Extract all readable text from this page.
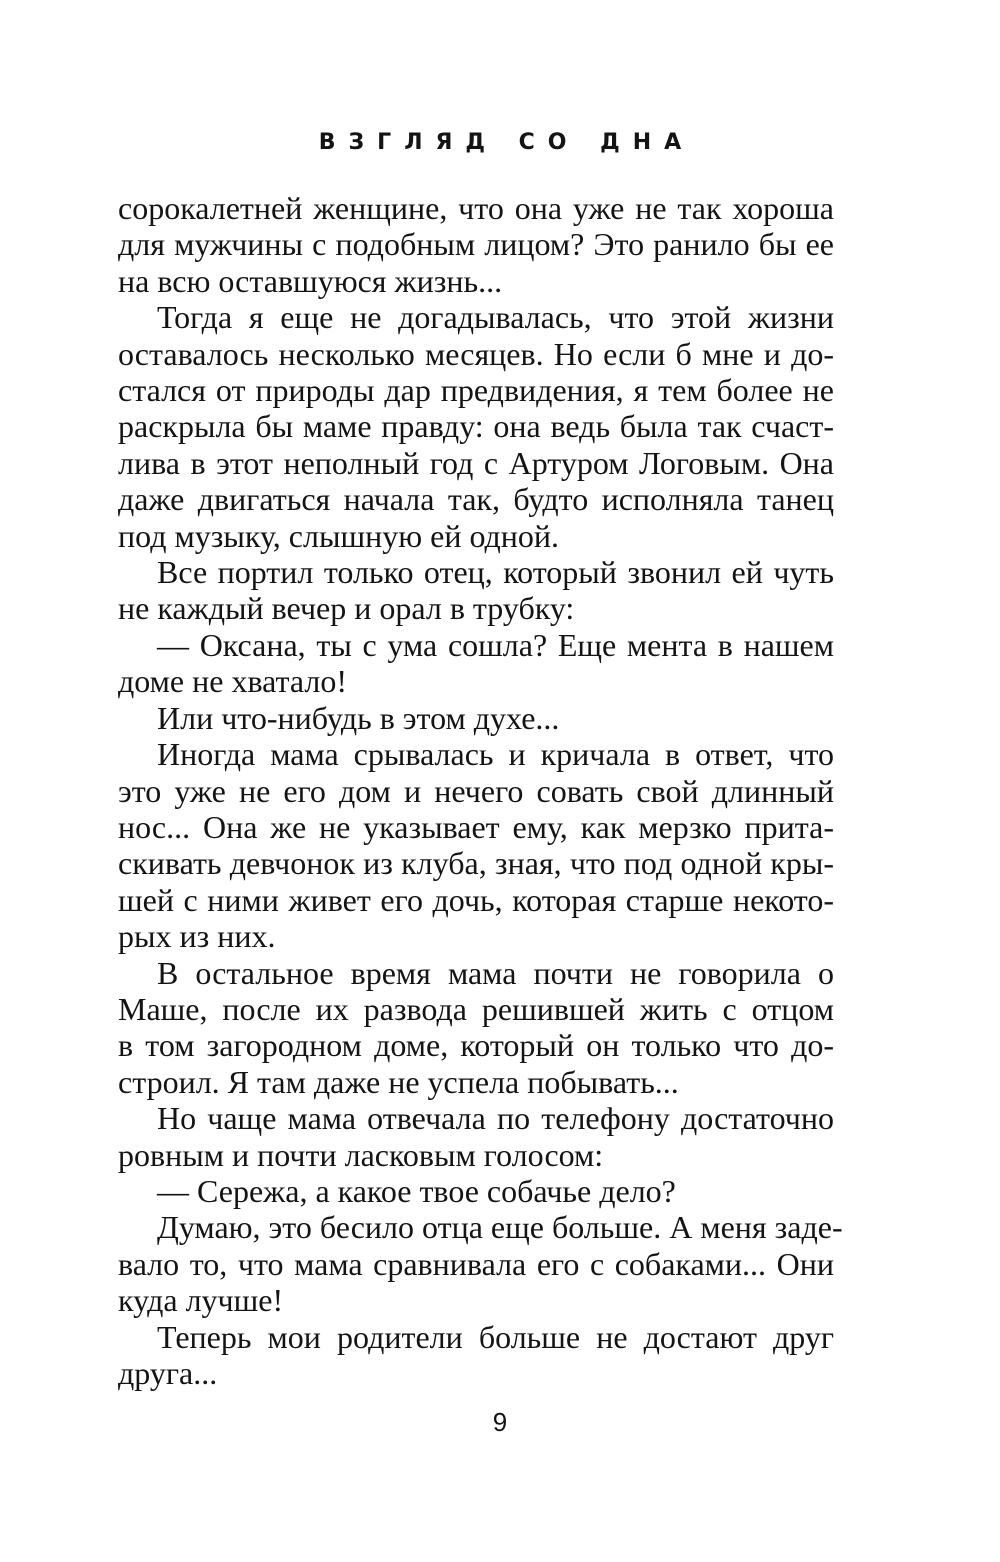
ВЗГЛЯД СО ДНА
сорокалетней женщине, что она уже не так хороша
для мужчины с подобным лицом? Это ранило бы ее
на всю оставшуюся жизнь...
Тогда я еще не догадывалась, что этой жизни
оставалось несколько месяцев. Но если б мне и до-
стался от природы дар предвидения, я тем более не
раскрыла бы маме правду: она ведь была так счаст-
лива в этот неполный год с Артуром Логовым. Она
даже двигаться начала так, будто исполняла танец
под музыку, слышную ей одной.
Все портил только отец, который звонил ей чуть
не каждый вечер и орал в трубку:
— Оксана, ты с ума сошла? Еще мента в нашем
доме не хватало!
Или что-нибудь в этом духе...
Иногда мама срывалась и кричала в ответ, что
это уже не его дом и нечего совать свой длинный
нос... Она же не указывает ему, как мерзко прита-
скивать девчонок из клуба, зная, что под одной кры-
шей с ними живет его дочь, которая старше некото-
рых из них.
В остальное время мама почти не говорила о
Маше, после их развода решившей жить с отцом
в том загородном доме, который он только что до-
строил. Я там даже не успела побывать...
Но чаще мама отвечала по телефону достаточно
ровным и почти ласковым голосом:
— Сережа, а какое твое собачье дело?
Думаю, это бесило отца еще больше. А меня заде-
вало то, что мама сравнивала его с собаками... Они
куда лучше!
Теперь мои родители больше не достают друг
друга...
9
